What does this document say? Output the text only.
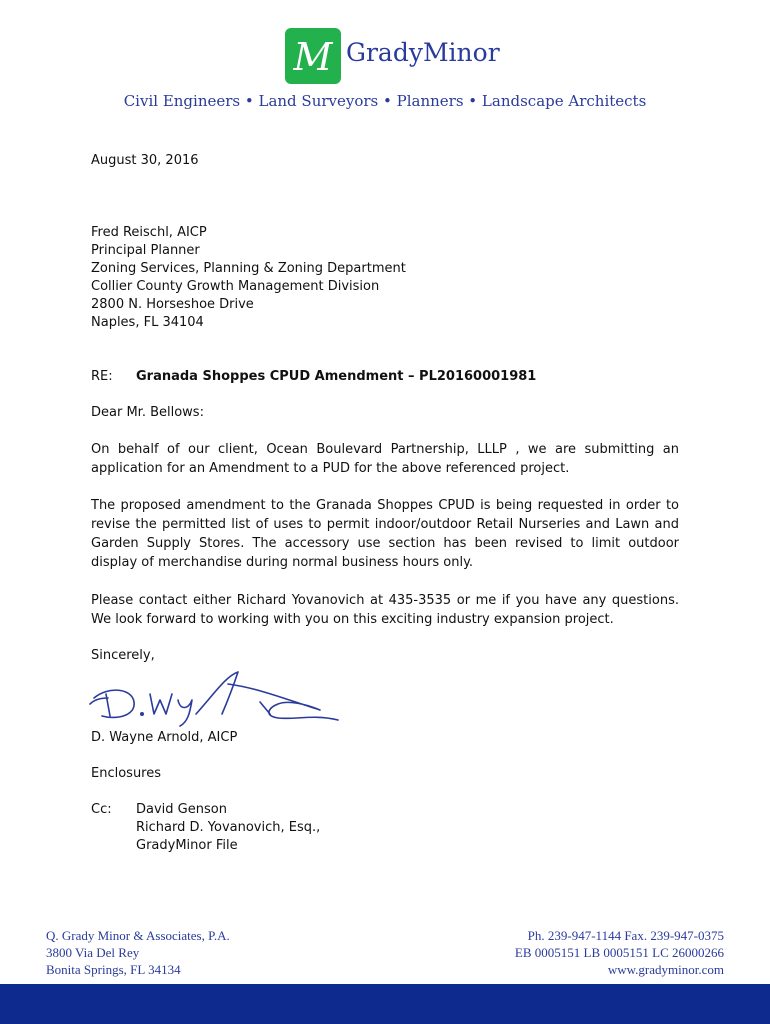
M GradyMinor
Civil Engineers • Land Surveyors • Planners • Landscape Architects
August 30, 2016
Fred Reischl, AICP
Principal Planner
Zoning Services, Planning & Zoning Department
Collier County Growth Management Division
2800 N. Horseshoe Drive
Naples, FL 34104
RE: Granada Shoppes CPUD Amendment – PL20160001981
Dear Mr. Bellows:

On behalf of our client, Ocean Boulevard Partnership, LLLP , we are submitting an application for an Amendment to a PUD for the above referenced project.

The proposed amendment to the Granada Shoppes CPUD is being requested in order to revise the permitted list of uses to permit indoor/outdoor Retail Nurseries and Lawn and Garden Supply Stores. The accessory use section has been revised to limit outdoor display of merchandise during normal business hours only.

Please contact either Richard Yovanovich at 435-3535 or me if you have any questions. We look forward to working with you on this exciting industry expansion project.

Sincerely,
D. Wayne Arnold, AICP
Enclosures
Cc: David Genson
Richard D. Yovanovich, Esq.,
GradyMinor File
Q. Grady Minor & Associates, P.A.
3800 Via Del Rey
Bonita Springs, FL 34134
Ph. 239-947-1144 Fax. 239-947-0375
EB 0005151 LB 0005151 LC 26000266
www.gradyminor.com
